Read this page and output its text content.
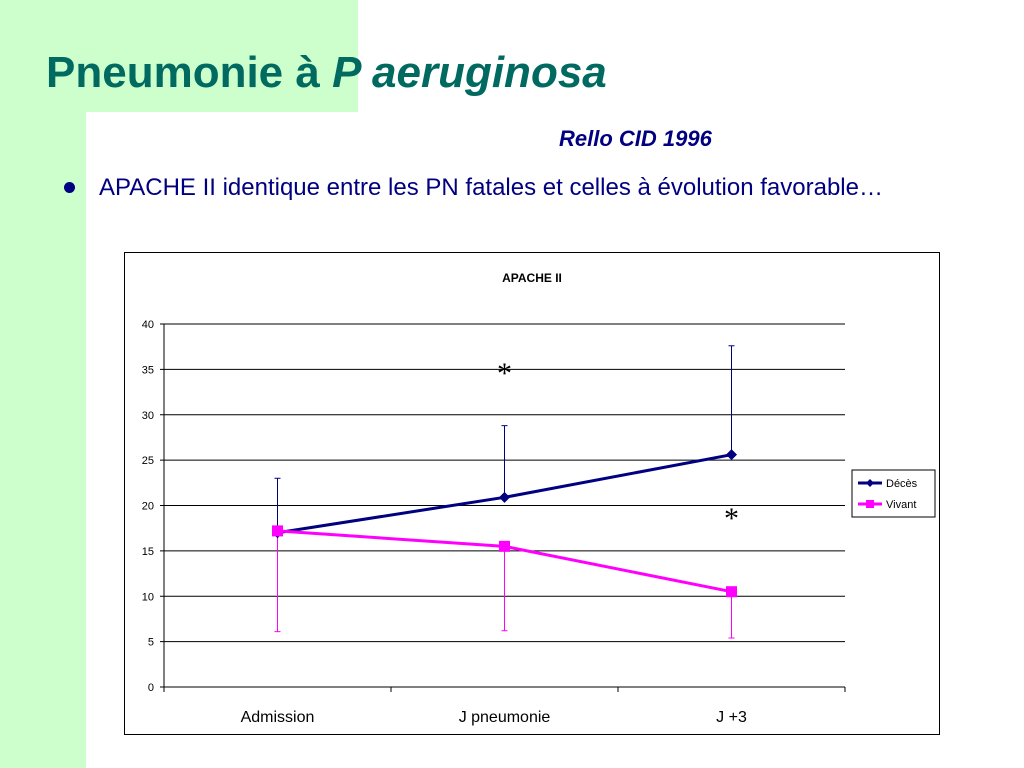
Pneumonie à P aeruginosa
Rello CID 1996
APACHE II identique entre les PN fatales et celles à évolution favorable…
APACHE II
0
5
10
15
20
25
30
35
40
Admission	J pneumonie	J +3
*
*
Décès
Vivant
